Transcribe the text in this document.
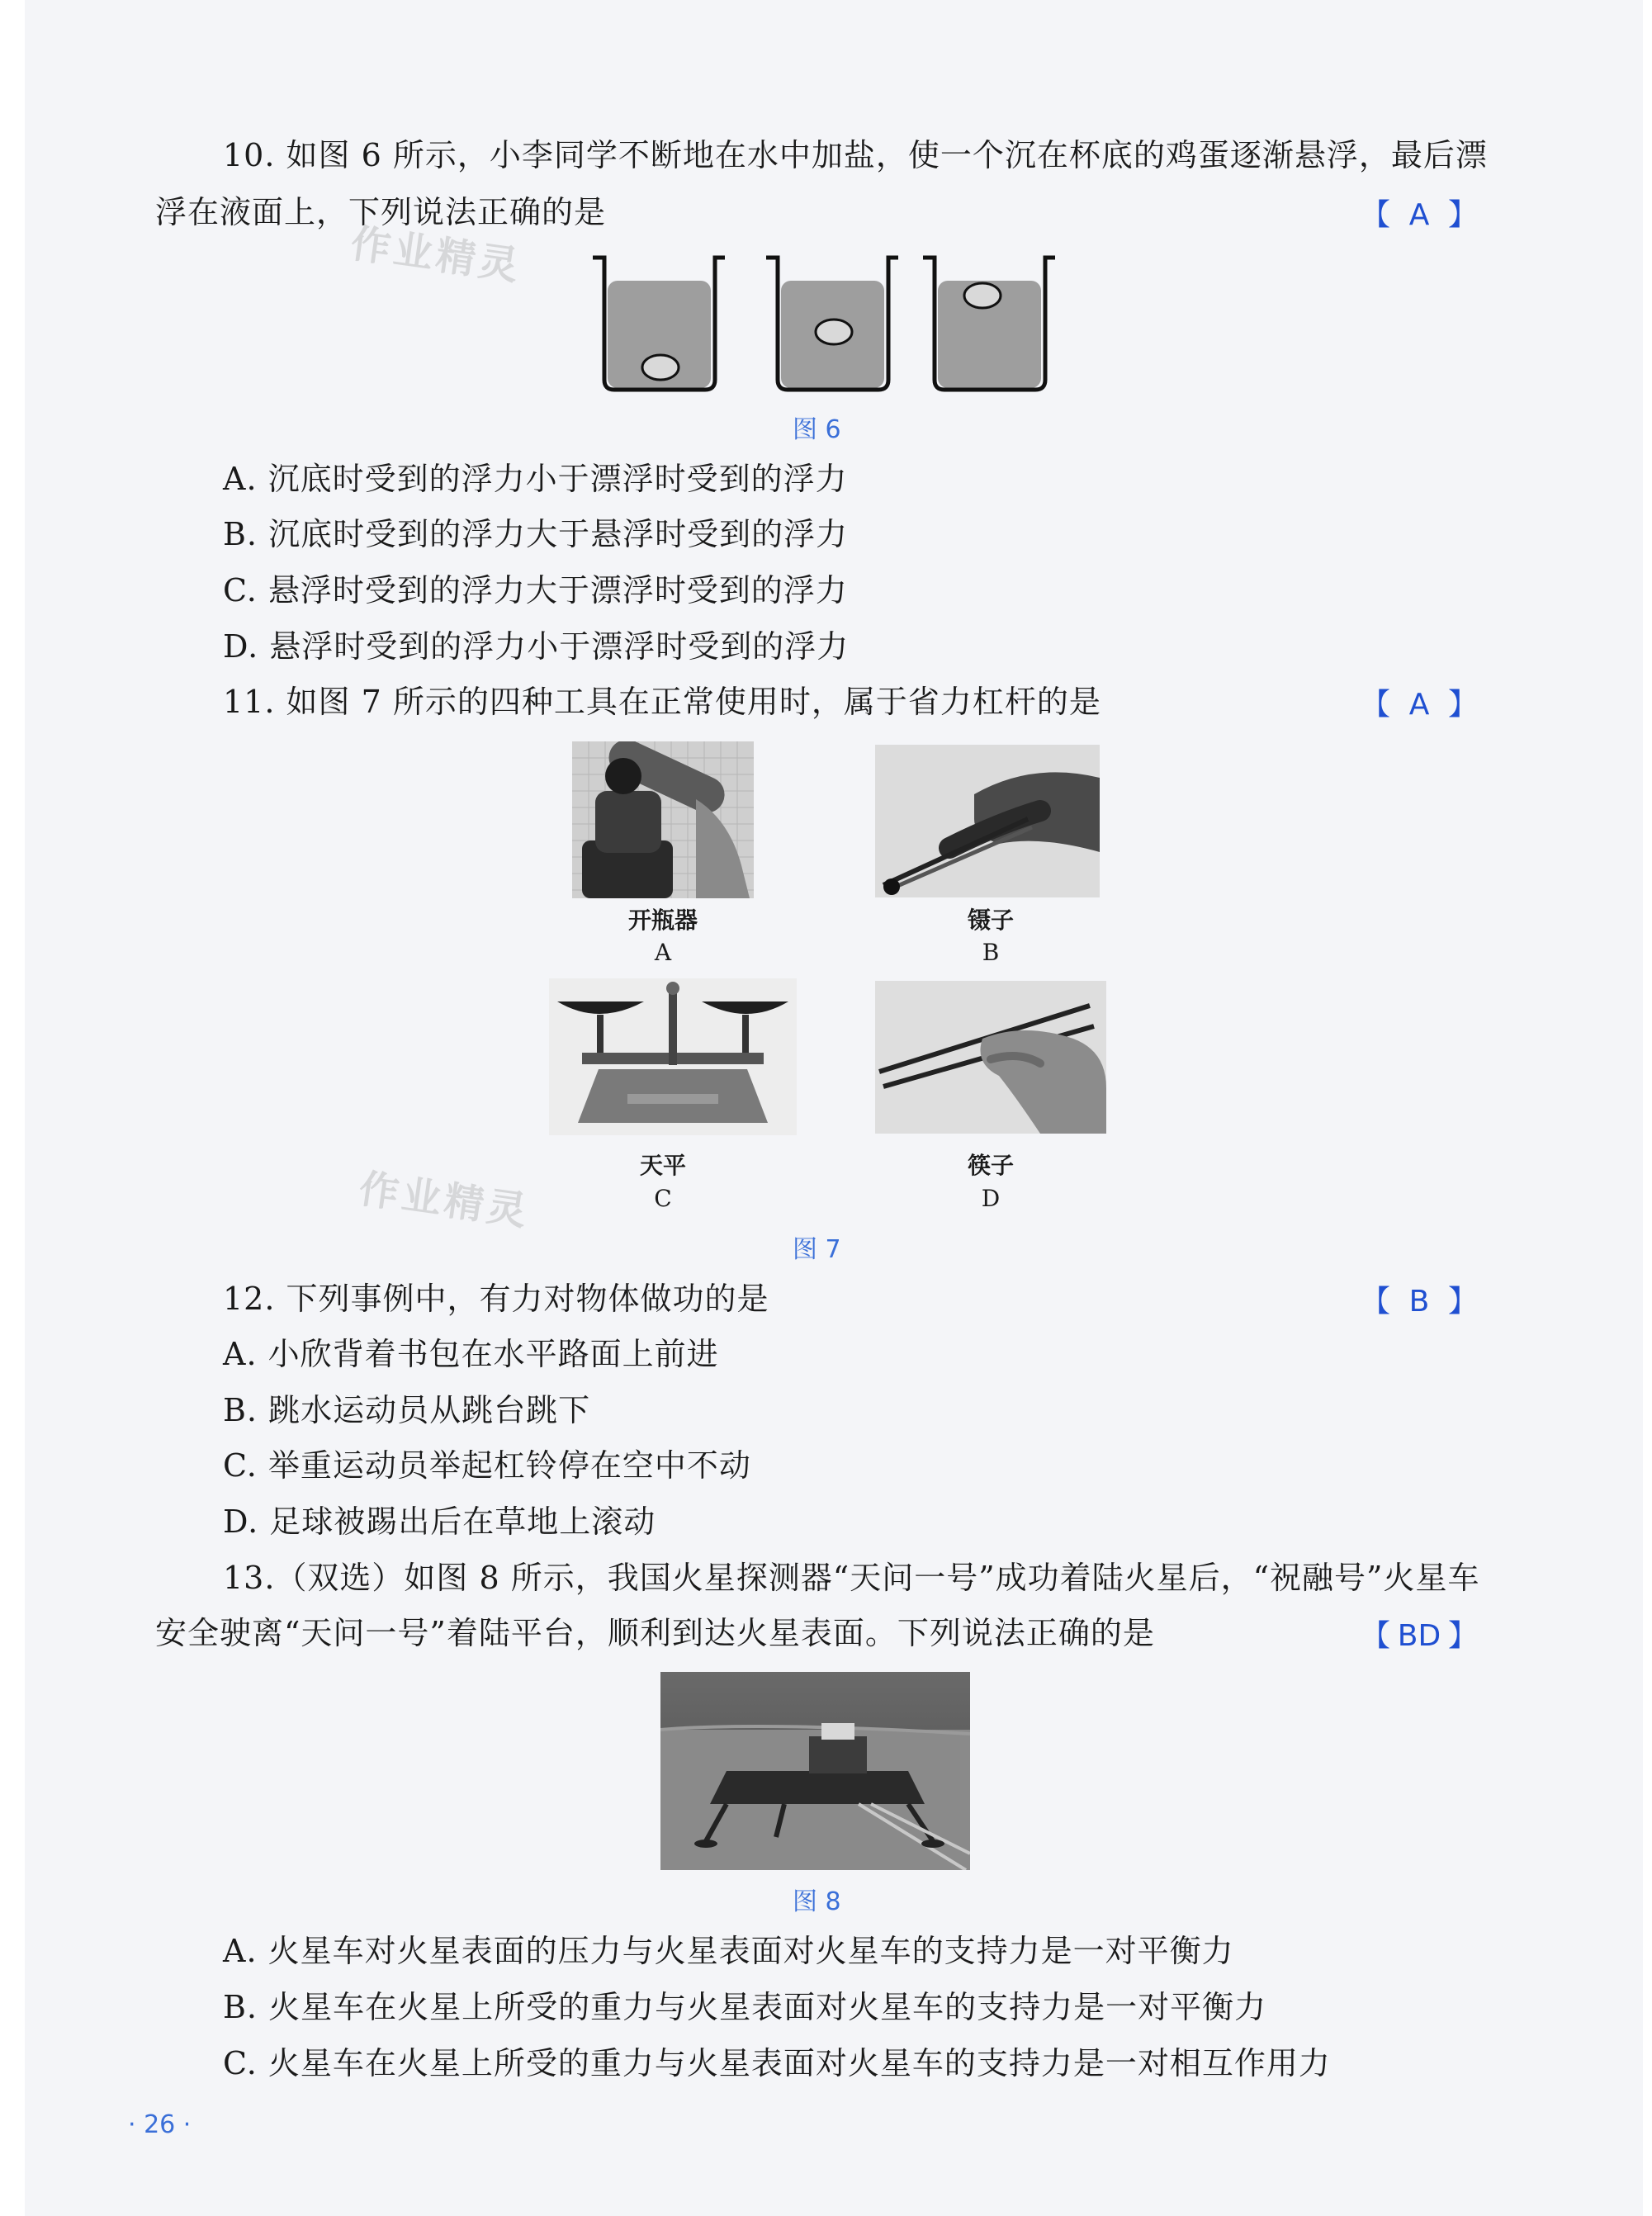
10. 如图 6 所示，小李同学不断地在水中加盐，使一个沉在杯底的鸡蛋逐渐悬浮，最后漂
浮在液面上，下列说法正确的是	【 A 】
作业精灵
图 6
A. 沉底时受到的浮力小于漂浮时受到的浮力
B. 沉底时受到的浮力大于悬浮时受到的浮力
C. 悬浮时受到的浮力大于漂浮时受到的浮力
D. 悬浮时受到的浮力小于漂浮时受到的浮力
11. 如图 7 所示的四种工具在正常使用时，属于省力杠杆的是	【 A 】
开瓶器
A
镊子
B
天平
C
筷子
D
作业精灵
图 7
12. 下列事例中，有力对物体做功的是	【 B 】
A. 小欣背着书包在水平路面上前进
B. 跳水运动员从跳台跳下
C. 举重运动员举起杠铃停在空中不动
D. 足球被踢出后在草地上滚动
13.（双选）如图 8 所示，我国火星探测器“天问一号”成功着陆火星后，“祝融号”火星车
安全驶离“天问一号”着陆平台，顺利到达火星表面。下列说法正确的是	【 BD 】
图 8
A. 火星车对火星表面的压力与火星表面对火星车的支持力是一对平衡力
B. 火星车在火星上所受的重力与火星表面对火星车的支持力是一对平衡力
C. 火星车在火星上所受的重力与火星表面对火星车的支持力是一对相互作用力
· 26 ·
